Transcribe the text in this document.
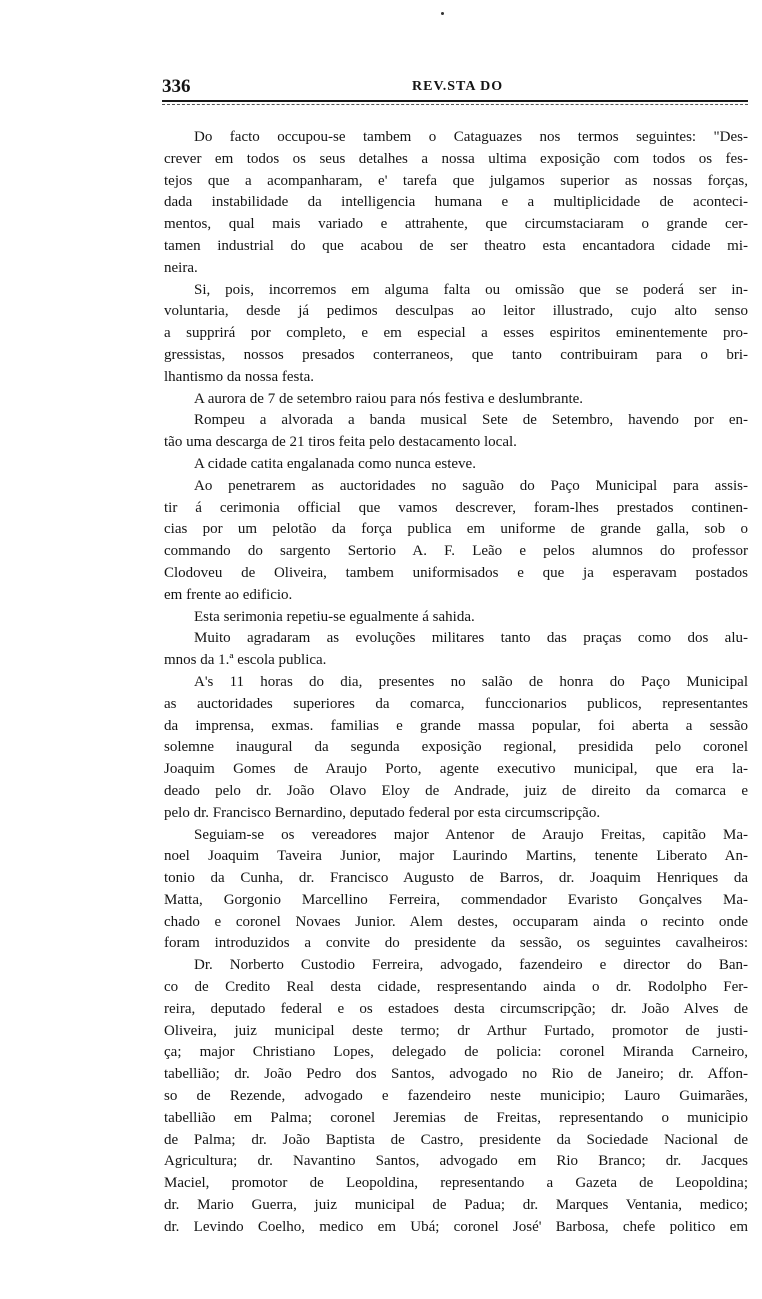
336	REV.STA DO
Do facto occupou-se tambem o Cataguazes nos termos seguintes: "Des-
crever em todos os seus detalhes a nossa ultima exposição com todos os fes-
tejos que a acompanharam, e' tarefa que julgamos superior as nossas forças,
dada instabilidade da intelligencia humana e a multiplicidade de aconteci-
mentos, qual mais variado e attrahente, que circumstaciaram o grande cer-
tamen industrial do que acabou de ser theatro esta encantadora cidade mi-
neira.
Si, pois, incorremos em alguma falta ou omissão que se poderá ser in-
voluntaria, desde já pedimos desculpas ao leitor illustrado, cujo alto senso
a supprirá por completo, e em especial a esses espiritos eminentemente pro-
gressistas, nossos presados conterraneos, que tanto contribuiram para o bri-
lhantismo da nossa festa.
A aurora de 7 de setembro raiou para nós festiva e deslumbrante.
Rompeu a alvorada a banda musical Sete de Setembro, havendo por en-
tão uma descarga de 21 tiros feita pelo destacamento local.
A cidade catita engalanada como nunca esteve.
Ao penetrarem as auctoridades no saguão do Paço Municipal para assis-
tir á cerimonia official que vamos descrever, foram-lhes prestados continen-
cias por um pelotão da força publica em uniforme de grande galla, sob o
commando do sargento Sertorio A. F. Leão e pelos alumnos do professor
Clodoveu de Oliveira, tambem uniformisados e que ja esperavam postados
em frente ao edificio.
Esta serimonia repetiu-se egualmente á sahida.
Muito agradaram as evoluções militares tanto das praças como dos alu-
mnos da 1.ª escola publica.
A's 11 horas do dia, presentes no salão de honra do Paço Municipal
as auctoridades superiores da comarca, funccionarios publicos, representantes
da imprensa, exmas. familias e grande massa popular, foi aberta a sessão
solemne inaugural da segunda exposição regional, presidida pelo coronel
Joaquim Gomes de Araujo Porto, agente executivo municipal, que era la-
deado pelo dr. João Olavo Eloy de Andrade, juiz de direito da comarca e
pelo dr. Francisco Bernardino, deputado federal por esta circumscripção.
Seguiam-se os vereadores major Antenor de Araujo Freitas, capitão Ma-
noel Joaquim Taveira Junior, major Laurindo Martins, tenente Liberato An-
tonio da Cunha, dr. Francisco Augusto de Barros, dr. Joaquim Henriques da
Matta, Gorgonio Marcellino Ferreira, commendador Evaristo Gonçalves Ma-
chado e coronel Novaes Junior. Alem destes, occuparam ainda o recinto onde
foram introduzidos a convite do presidente da sessão, os seguintes cavalheiros:
Dr. Norberto Custodio Ferreira, advogado, fazendeiro e director do Ban-
co de Credito Real desta cidade, respresentando ainda o dr. Rodolpho Fer-
reira, deputado federal e os estadoes desta circumscripção; dr. João Alves de
Oliveira, juiz municipal deste termo; dr Arthur Furtado, promotor de justi-
ça; major Christiano Lopes, delegado de policia: coronel Miranda Carneiro,
tabellião; dr. João Pedro dos Santos, advogado no Rio de Janeiro; dr. Affon-
so de Rezende, advogado e fazendeiro neste municipio; Lauro Guimarães,
tabellião em Palma; coronel Jeremias de Freitas, representando o municipio
de Palma; dr. João Baptista de Castro, presidente da Sociedade Nacional de
Agricultura; dr. Navantino Santos, advogado em Rio Branco; dr. Jacques
Maciel, promotor de Leopoldina, representando a Gazeta de Leopoldina;
dr. Mario Guerra, juiz municipal de Padua; dr. Marques Ventania, medico;
dr. Levindo Coelho, medico em Ubá; coronel José' Barbosa, chefe politico em
